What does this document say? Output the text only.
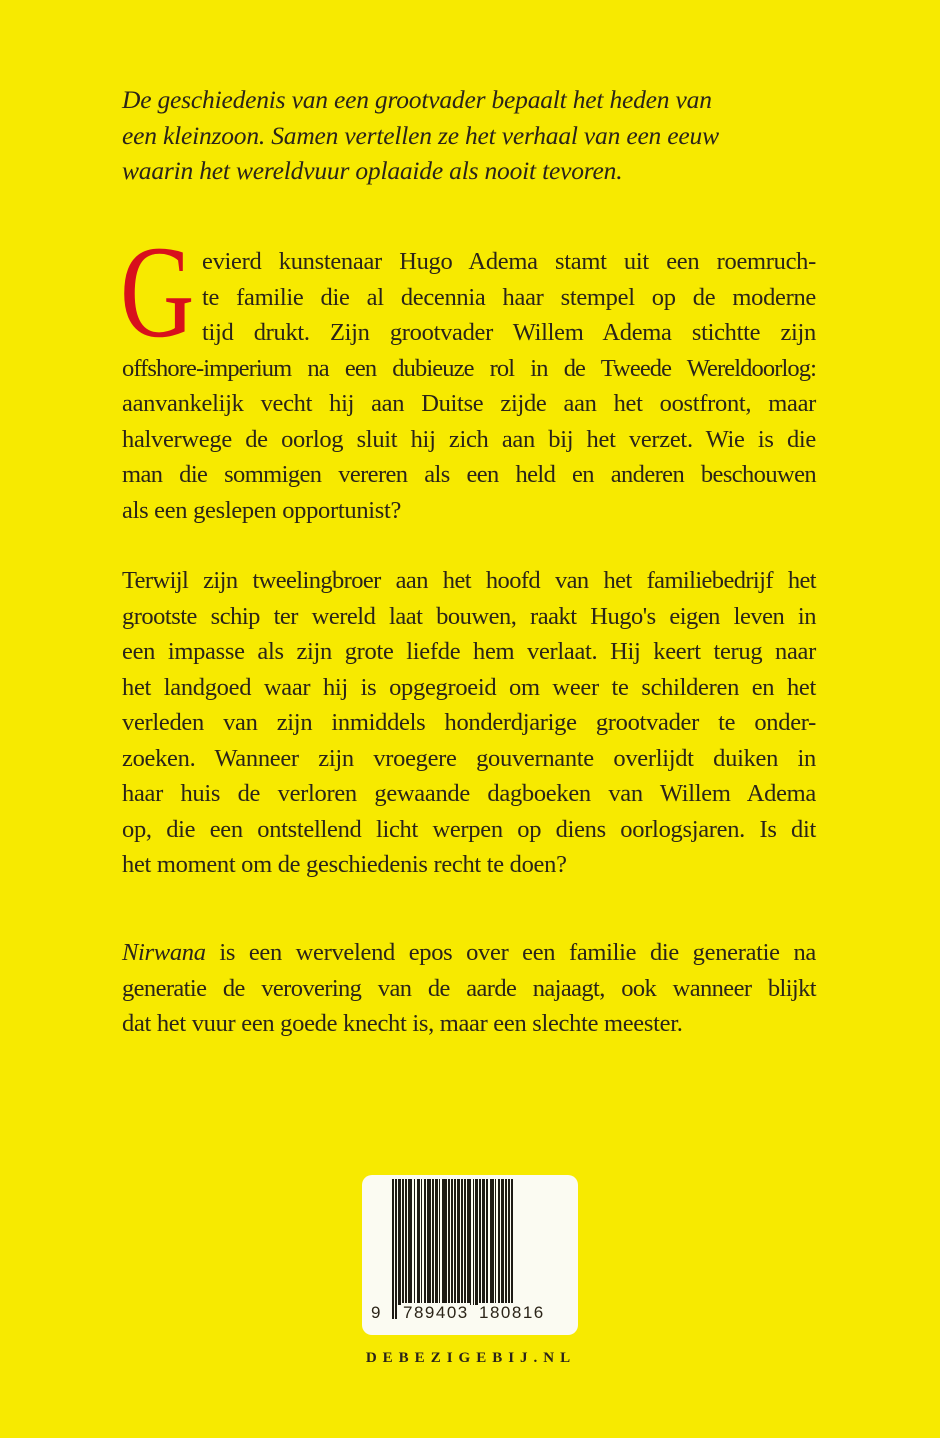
De geschiedenis van een grootvader bepaalt het heden van
een kleinzoon. Samen vertellen ze het verhaal van een eeuw
waarin het wereldvuur oplaaide als nooit tevoren.
G evierd kunstenaar Hugo Adema stamt uit een roemruch-
te familie die al decennia haar stempel op de moderne
tijd drukt. Zijn grootvader Willem Adema stichtte zijn
offshore-imperium na een dubieuze rol in de Tweede Wereldoorlog:
aanvankelijk vecht hij aan Duitse zijde aan het oostfront, maar
halverwege de oorlog sluit hij zich aan bij het verzet. Wie is die
man die sommigen vereren als een held en anderen beschouwen
als een geslepen opportunist?
Terwijl zijn tweelingbroer aan het hoofd van het familiebedrijf het
grootste schip ter wereld laat bouwen, raakt Hugo's eigen leven in
een impasse als zijn grote liefde hem verlaat. Hij keert terug naar
het landgoed waar hij is opgegroeid om weer te schilderen en het
verleden van zijn inmiddels honderdjarige grootvader te onder-
zoeken. Wanneer zijn vroegere gouvernante overlijdt duiken in
haar huis de verloren gewaande dagboeken van Willem Adema
op, die een ontstellend licht werpen op diens oorlogsjaren. Is dit
het moment om de geschiedenis recht te doen?
Nirwana is een wervelend epos over een familie die generatie na
generatie de verovering van de aarde najaagt, ook wanneer blijkt
dat het vuur een goede knecht is, maar een slechte meester.
9 789403 180816
DEBEZIGEBIJ.NL
